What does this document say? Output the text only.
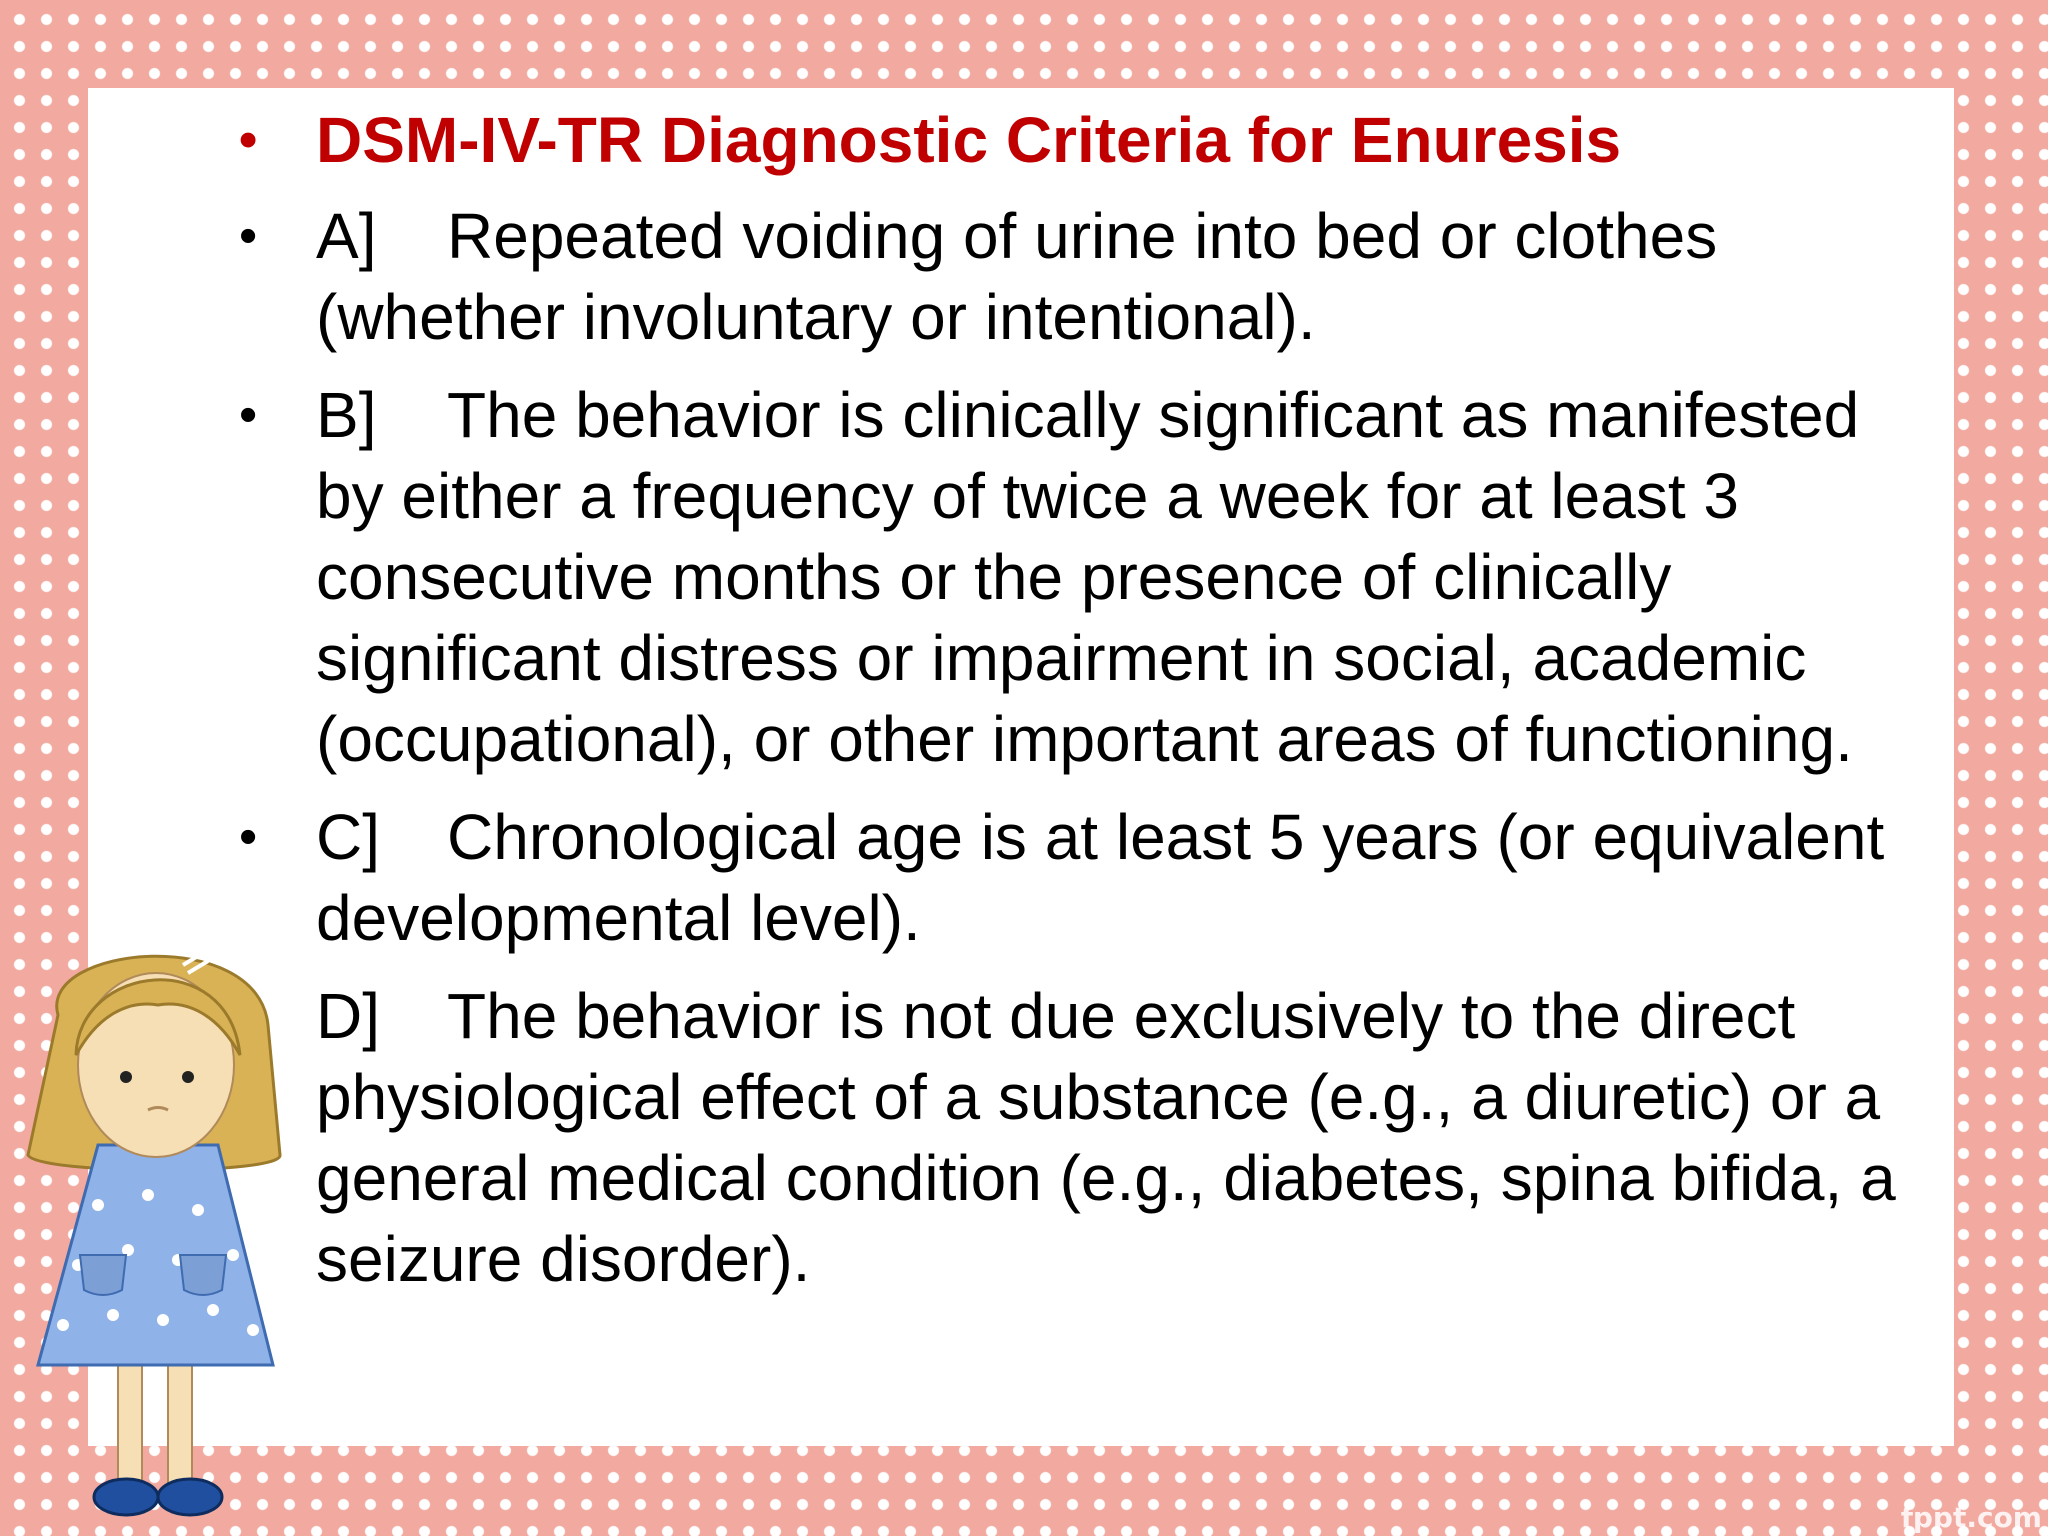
• DSM-IV-TR Diagnostic Criteria for Enuresis
• A] Repeated voiding of urine into bed or clothes (whether involuntary or intentional).
• B] The behavior is clinically significant as manifested by either a frequency of twice a week for at least 3 consecutive months or the presence of clinically significant distress or impairment in social, academic (occupational), or other important areas of functioning.
• C] Chronological age is at least 5 years (or equivalent developmental level).
D] The behavior is not due exclusively to the direct physiological effect of a substance (e.g., a diuretic) or a general medical condition (e.g., diabetes, spina bifida, a seizure disorder).
fppt.com
